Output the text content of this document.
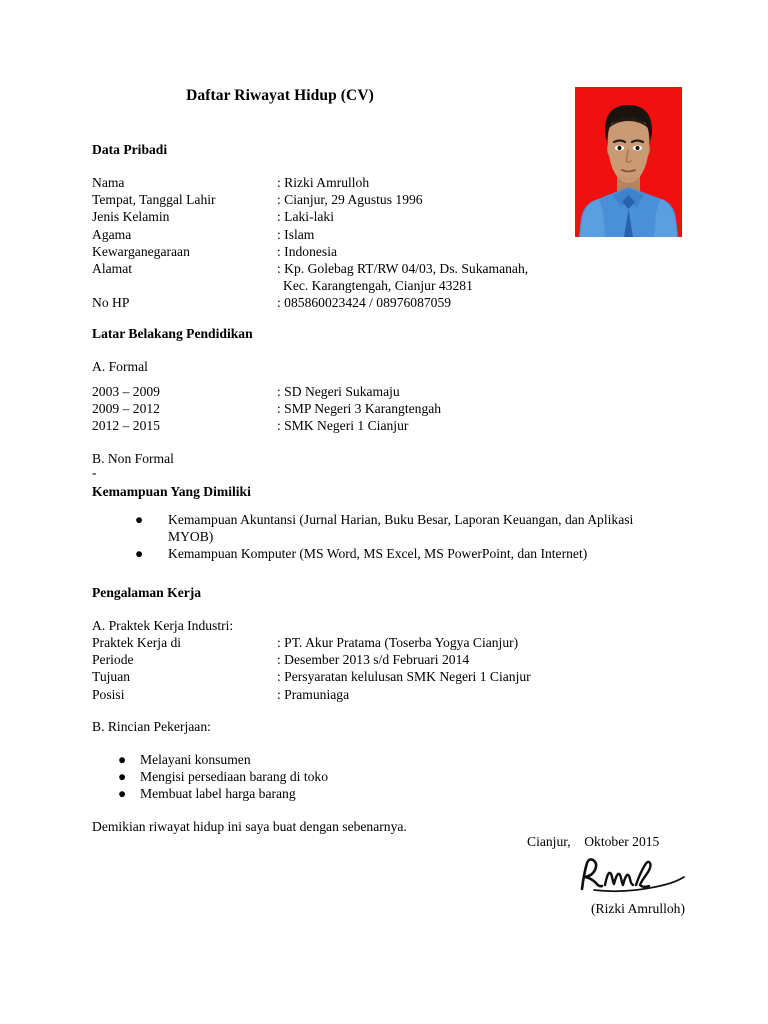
Daftar Riwayat Hidup (CV)
Data Pribadi
Nama	: Rizki Amrulloh
Tempat, Tanggal Lahir	: Cianjur, 29 Agustus 1996
Jenis Kelamin	: Laki-laki
Agama	: Islam
Kewarganegaraan	: Indonesia
Alamat	: Kp. Golebag RT/RW 04/03, Ds. Sukamanah,
Kec. Karangtengah, Cianjur 43281
No HP	: 085860023424 / 08976087059
Latar Belakang Pendidikan
A. Formal
2003 – 2009	: SD Negeri Sukamaju
2009 – 2012	: SMP Negeri 3 Karangtengah
2012 – 2015	: SMK Negeri 1 Cianjur
B. Non Formal
-
Kemampuan Yang Dimiliki
● Kemampuan Akuntansi (Jurnal Harian, Buku Besar, Laporan Keuangan, dan Aplikasi MYOB)
● Kemampuan Komputer (MS Word, MS Excel, MS PowerPoint, dan Internet)
Pengalaman Kerja
A. Praktek Kerja Industri:
Praktek Kerja di	: PT. Akur Pratama (Toserba Yogya Cianjur)
Periode	: Desember 2013 s/d Februari 2014
Tujuan	: Persyaratan kelulusan SMK Negeri 1 Cianjur
Posisi	: Pramuniaga
B. Rincian Pekerjaan:
● Melayani konsumen
● Mengisi persediaan barang di toko
● Membuat label harga barang
Demikian riwayat hidup ini saya buat dengan sebenarnya.
Cianjur,    Oktober 2015
(Rizki Amrulloh)
